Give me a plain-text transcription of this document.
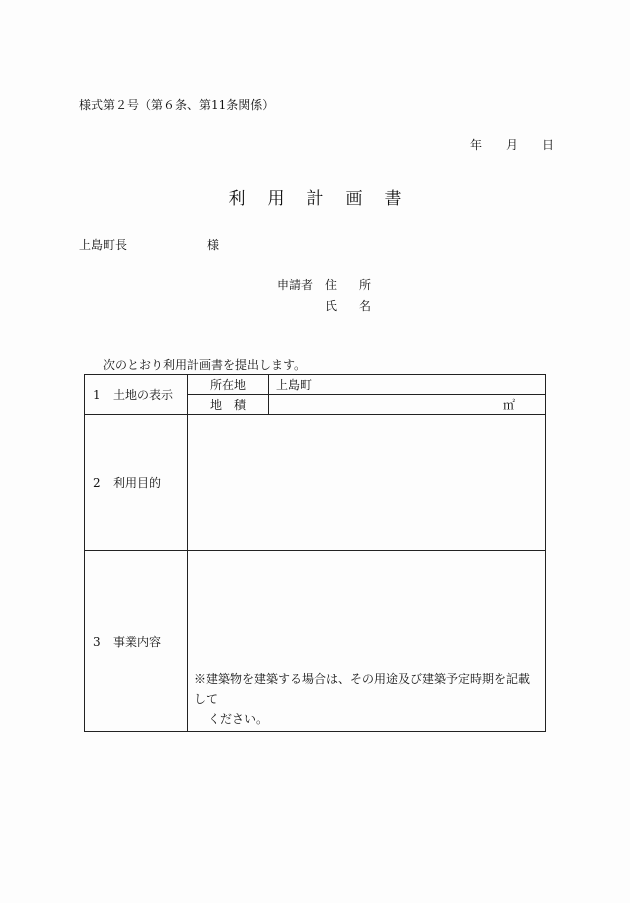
様式第２号（第６条、第11条関係）
年 月 日
利 用 計 画 書
上島町長	様
申請者 住 所
氏 名
次のとおり利用計画書を提出します。
1 土地の表示	所在地	上島町
	地 積	㎡
2 利用目的		
3 事業内容	※建築物を建築する場合は、その用途及び建築予定時期を記載して
ください。	
